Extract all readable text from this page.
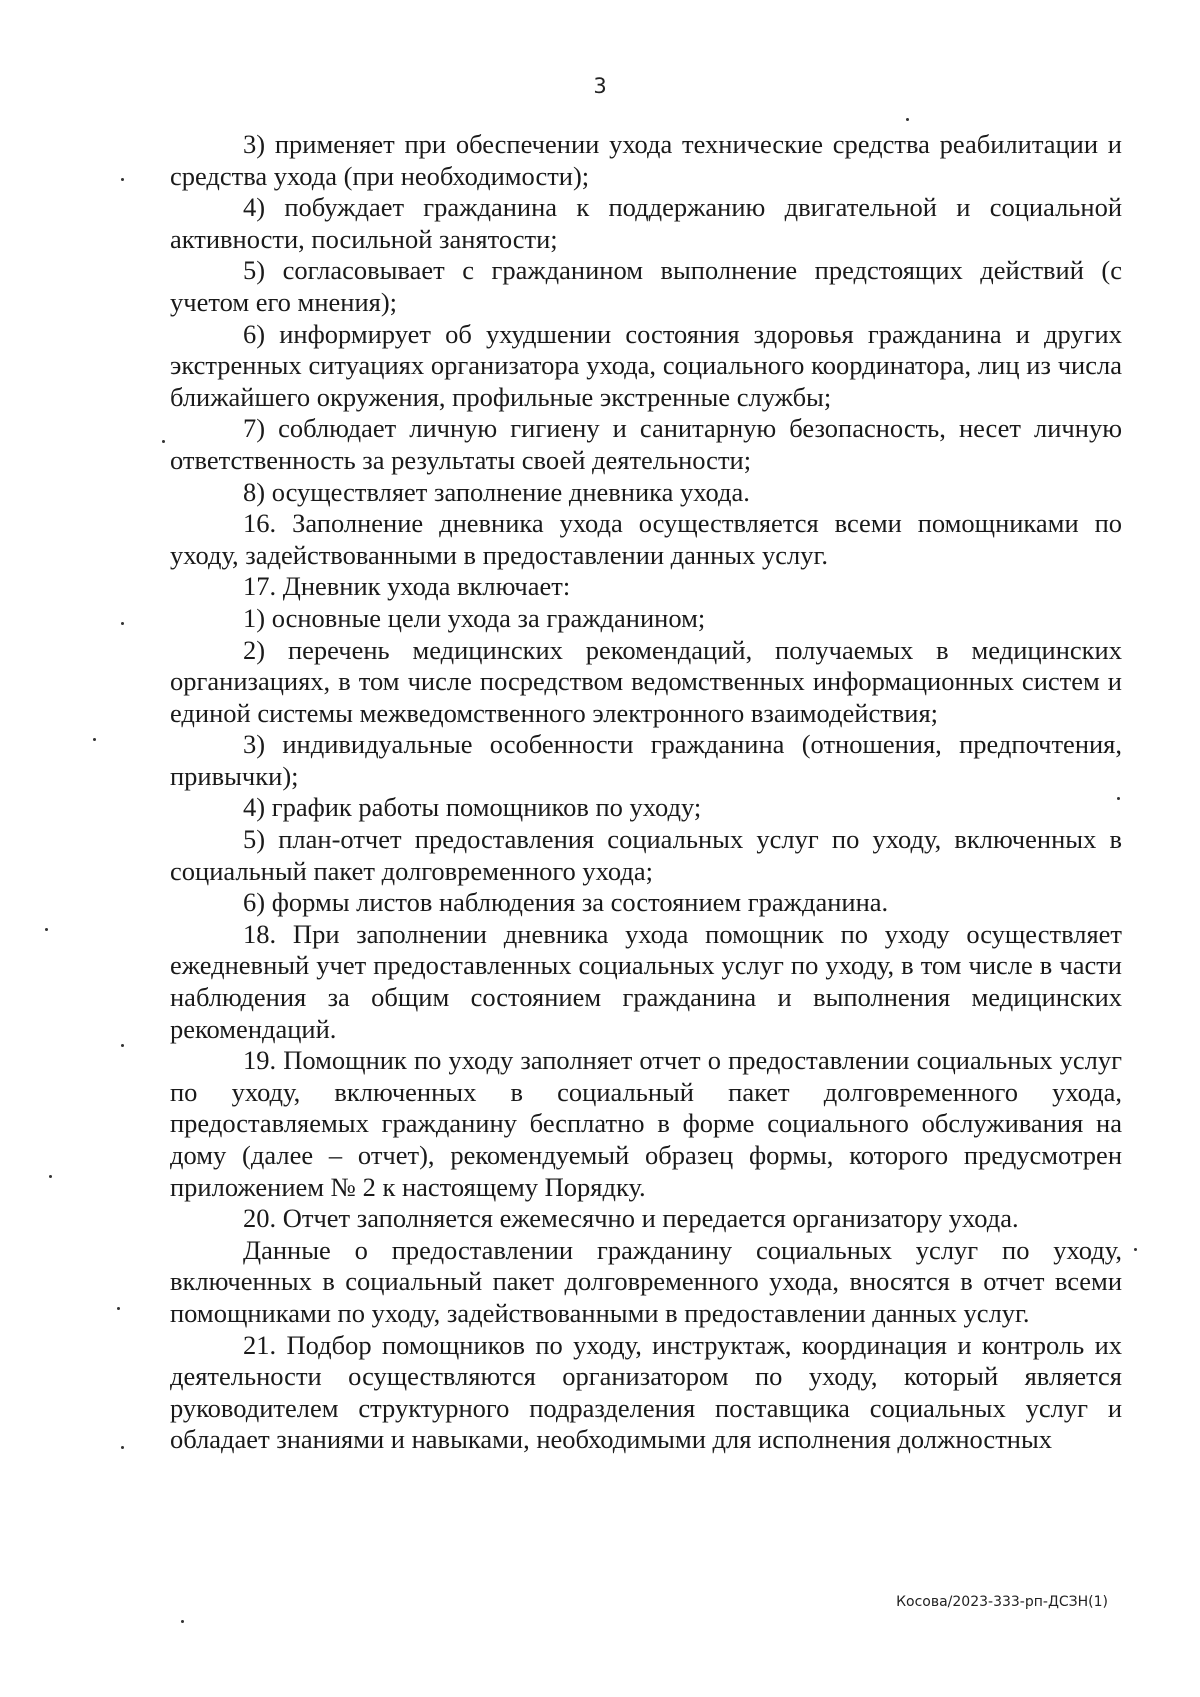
3

3) применяет при обеспечении ухода технические средства реабилитации и средства ухода (при необходимости);

4) побуждает гражданина к поддержанию двигательной и социальной активности, посильной занятости;

5) согласовывает с гражданином выполнение предстоящих действий (с учетом его мнения);

6) информирует об ухудшении состояния здоровья гражданина и других экстренных ситуациях организатора ухода, социального координатора, лиц из числа ближайшего окружения, профильные экстренные службы;

7) соблюдает личную гигиену и санитарную безопасность, несет личную ответственность за результаты своей деятельности;

8) осуществляет заполнение дневника ухода.

16. Заполнение дневника ухода осуществляется всеми помощниками по уходу, задействованными в предоставлении данных услуг.

17. Дневник ухода включает:

1) основные цели ухода за гражданином;

2) перечень медицинских рекомендаций, получаемых в медицинских организациях, в том числе посредством ведомственных информационных систем и единой системы межведомственного электронного взаимодействия;

3) индивидуальные особенности гражданина (отношения, предпочтения, привычки);

4) график работы помощников по уходу;

5) план-отчет предоставления социальных услуг по уходу, включенных в социальный пакет долговременного ухода;

6) формы листов наблюдения за состоянием гражданина.

18. При заполнении дневника ухода помощник по уходу осуществляет ежедневный учет предоставленных социальных услуг по уходу, в том числе в части наблюдения за общим состоянием гражданина и выполнения медицинских рекомендаций.

19. Помощник по уходу заполняет отчет о предоставлении социальных услуг по уходу, включенных в социальный пакет долговременного ухода, предоставляемых гражданину бесплатно в форме социального обслуживания на дому (далее – отчет), рекомендуемый образец формы, которого предусмотрен приложением № 2 к настоящему Порядку.

20. Отчет заполняется ежемесячно и передается организатору ухода.

Данные о предоставлении гражданину социальных услуг по уходу, включенных в социальный пакет долговременного ухода, вносятся в отчет всеми помощниками по уходу, задействованными в предоставлении данных услуг.

21. Подбор помощников по уходу, инструктаж, координация и контроль их деятельности осуществляются организатором по уходу, который является руководителем структурного подразделения поставщика социальных услуг и обладает знаниями и навыками, необходимыми для исполнения должностных

Косова/2023-333-рп-ДСЗН(1)
